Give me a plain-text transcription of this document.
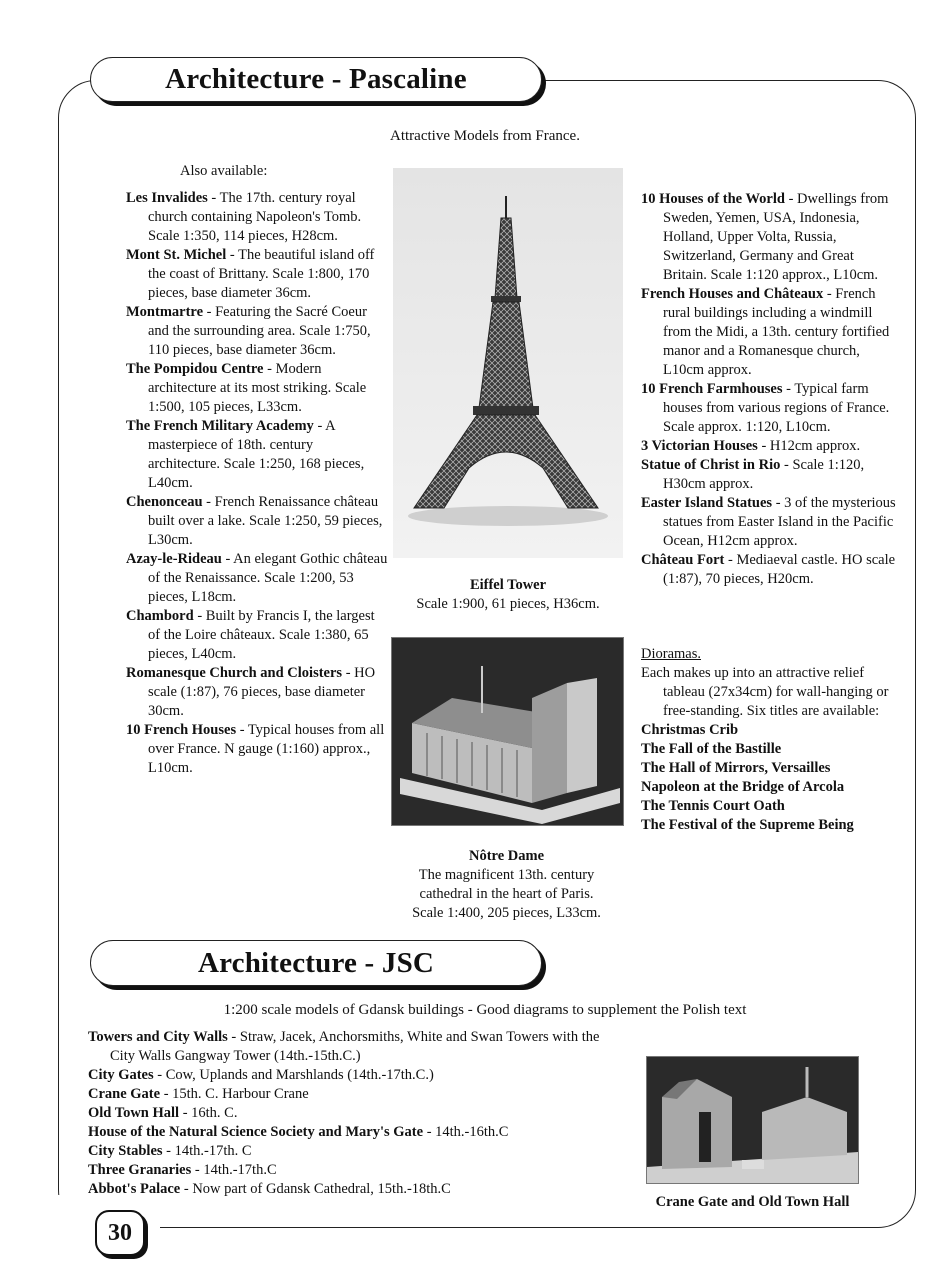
Architecture - Pascaline
Attractive Models from France.
Also available:

Les Invalides - The 17th. century royal church containing Napoleon's Tomb. Scale 1:350, 114 pieces, H28cm.

Mont St. Michel - The beautiful island off the coast of Brittany. Scale 1:800, 170 pieces, base diameter 36cm.

Montmartre - Featuring the Sacré Coeur and the surrounding area. Scale 1:750, 110 pieces, base diameter 36cm.

The Pompidou Centre - Modern architecture at its most striking. Scale 1:500, 105 pieces, L33cm.

The French Military Academy - A masterpiece of 18th. century architecture. Scale 1:250, 168 pieces, L40cm.

Chenonceau - French Renaissance château built over a lake. Scale 1:250, 59 pieces, L30cm.

Azay-le-Rideau - An elegant Gothic château of the Renaissance. Scale 1:200, 53 pieces, L18cm.

Chambord - Built by Francis I, the largest of the Loire châteaux. Scale 1:380, 65 pieces, L40cm.

Romanesque Church and Cloisters - HO scale (1:87), 76 pieces, base diameter 30cm.

10 French Houses - Typical houses from all over France. N gauge (1:160) approx., L10cm.

Eiffel Tower
Scale 1:900, 61 pieces, H36cm.
Nôtre Dame
The magnificent 13th. century
cathedral in the heart of Paris.
Scale 1:400, 205 pieces, L33cm.

10 Houses of the World - Dwellings from Sweden, Yemen, USA, Indonesia, Holland, Upper Volta, Russia, Switzerland, Germany and Great Britain. Scale 1:120 approx., L10cm.

French Houses and Châteaux - French rural buildings including a windmill from the Midi, a 13th. century fortified manor and a Romanesque church, L10cm approx.

10 French Farmhouses - Typical farm houses from various regions of France. Scale approx. 1:120, L10cm.

3 Victorian Houses - H12cm approx.

Statue of Christ in Rio - Scale 1:120, H30cm approx.

Easter Island Statues - 3 of the mysterious statues from Easter Island in the Pacific Ocean, H12cm approx.

Château Fort - Mediaeval castle. HO scale (1:87), 70 pieces, H20cm.

Dioramas.

Each makes up into an attractive relief tableau (27x34cm) for wall-hanging or free-standing. Six titles are available:

Christmas Crib

The Fall of the Bastille

The Hall of Mirrors, Versailles

Napoleon at the Bridge of Arcola

The Tennis Court Oath

The Festival of the Supreme Being

Architecture - JSC
1:200 scale models of Gdansk buildings - Good diagrams to supplement the Polish text

Towers and City Walls - Straw, Jacek, Anchorsmiths, White and Swan Towers with the City Walls Gangway Tower (14th.-15th.C.)

City Gates - Cow, Uplands and Marshlands (14th.-17th.C.)

Crane Gate - 15th. C. Harbour Crane

Old Town Hall - 16th. C.

House of the Natural Science Society and Mary's Gate - 14th.-16th.C

City Stables - 14th.-17th. C

Three Granaries - 14th.-17th.C

Abbot's Palace - Now part of Gdansk Cathedral, 15th.-18th.C

Crane Gate and Old Town Hall
30
